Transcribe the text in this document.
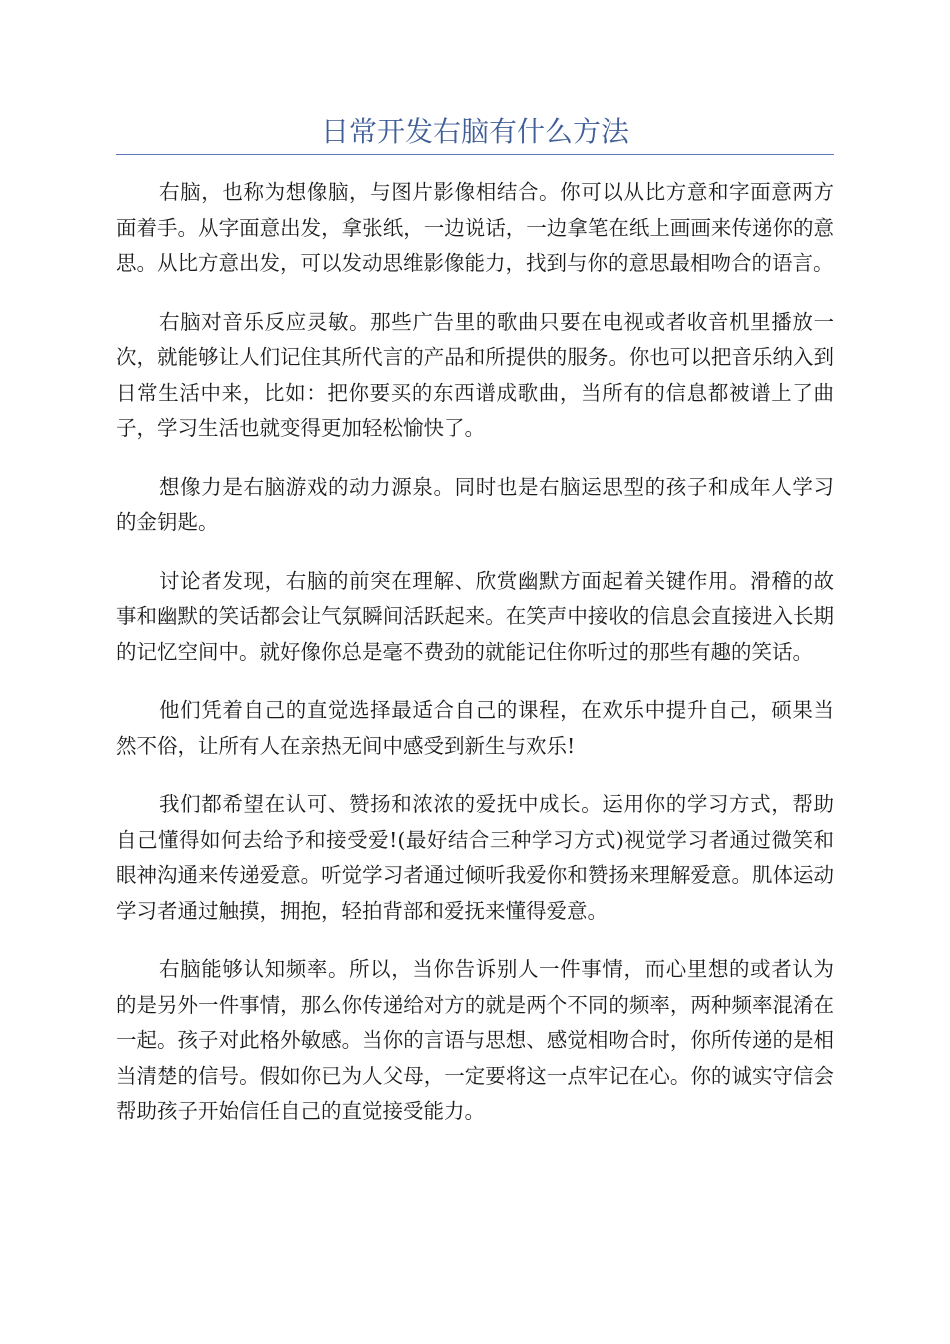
日常开发右脑有什么方法

右脑，也称为想像脑，与图片影像相结合。你可以从比方意和字面意两方面着手。从字面意出发，拿张纸，一边说话，一边拿笔在纸上画画来传递你的意思。从比方意出发，可以发动思维影像能力，找到与你的意思最相吻合的语言。

右脑对音乐反应灵敏。那些广告里的歌曲只要在电视或者收音机里播放一次，就能够让人们记住其所代言的产品和所提供的服务。你也可以把音乐纳入到日常生活中来，比如：把你要买的东西谱成歌曲，当所有的信息都被谱上了曲子，学习生活也就变得更加轻松愉快了。

想像力是右脑游戏的动力源泉。同时也是右脑运思型的孩子和成年人学习的金钥匙。

讨论者发现，右脑的前突在理解、欣赏幽默方面起着关键作用。滑稽的故事和幽默的笑话都会让气氛瞬间活跃起来。在笑声中接收的信息会直接进入长期的记忆空间中。就好像你总是毫不费劲的就能记住你听过的那些有趣的笑话。

他们凭着自己的直觉选择最适合自己的课程，在欢乐中提升自己，硕果当然不俗，让所有人在亲热无间中感受到新生与欢乐!

我们都希望在认可、赞扬和浓浓的爱抚中成长。运用你的学习方式，帮助自己懂得如何去给予和接受爱!(最好结合三种学习方式)视觉学习者通过微笑和眼神沟通来传递爱意。听觉学习者通过倾听我爱你和赞扬来理解爱意。肌体运动学习者通过触摸，拥抱，轻拍背部和爱抚来懂得爱意。

右脑能够认知频率。所以，当你告诉别人一件事情，而心里想的或者认为的是另外一件事情，那么你传递给对方的就是两个不同的频率，两种频率混淆在一起。孩子对此格外敏感。当你的言语与思想、感觉相吻合时，你所传递的是相当清楚的信号。假如你已为人父母，一定要将这一点牢记在心。你的诚实守信会帮助孩子开始信任自己的直觉接受能力。
